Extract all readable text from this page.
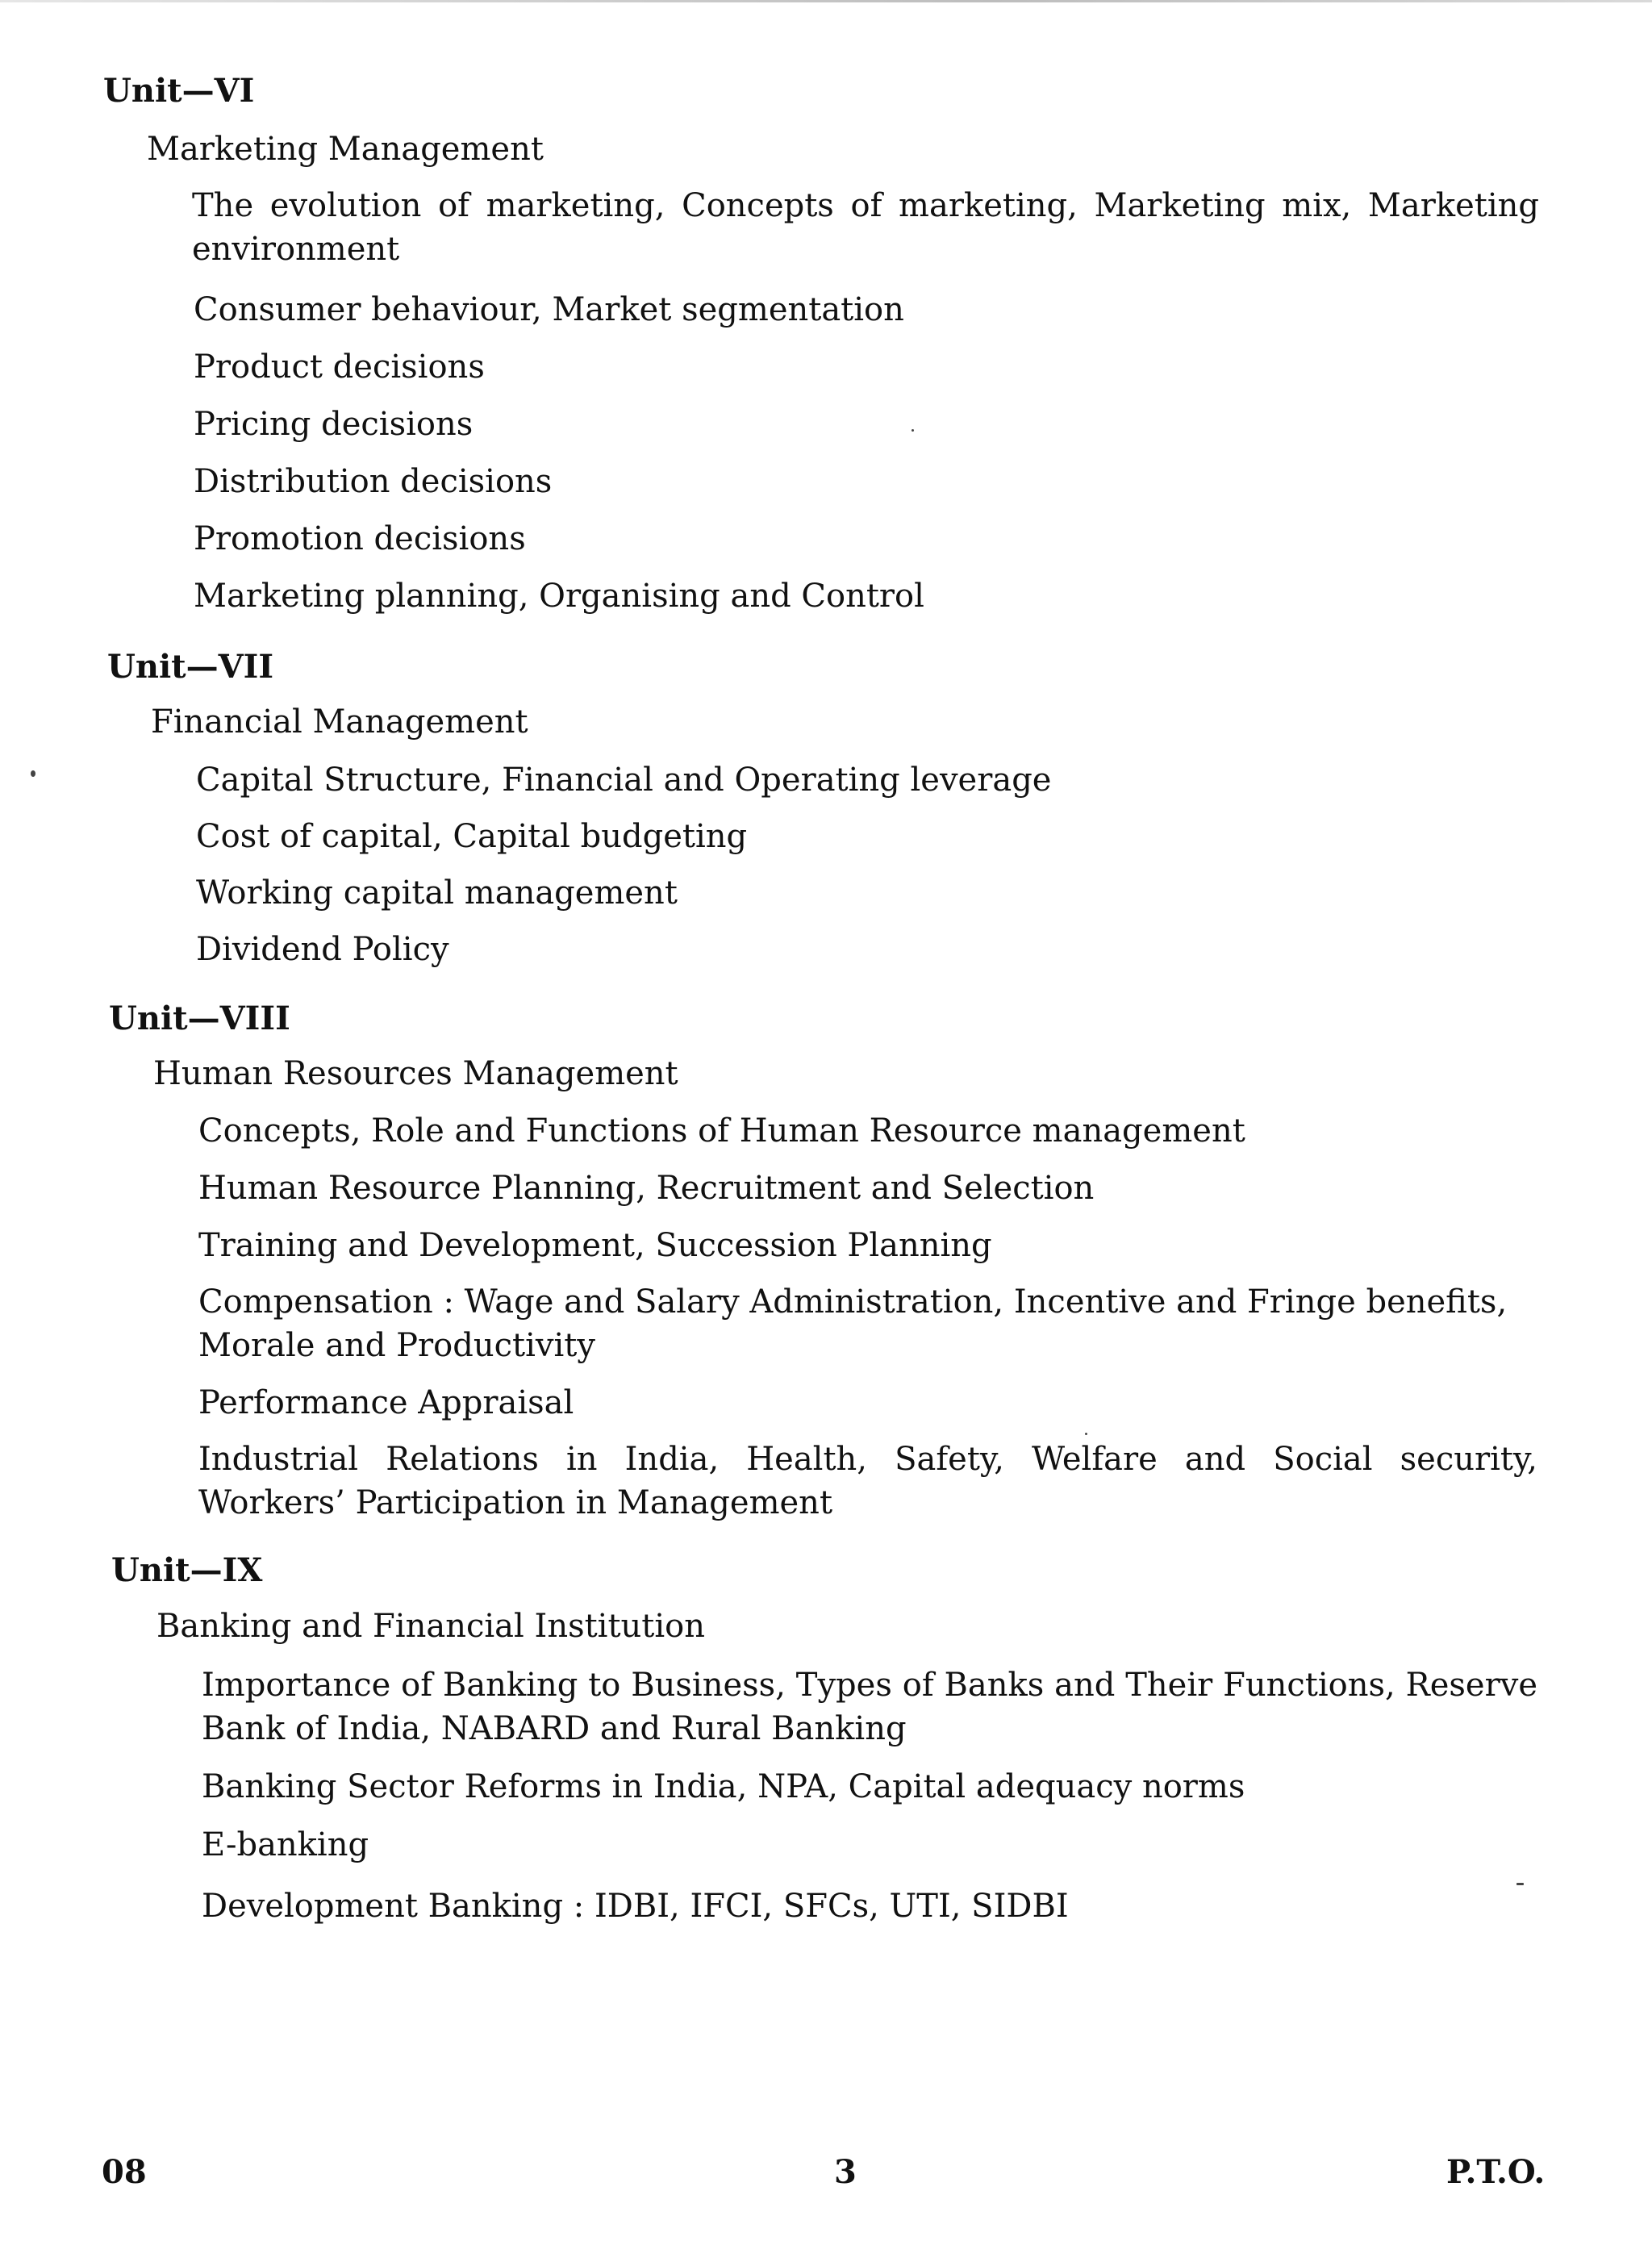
Unit—VI
Marketing Management
The evolution of marketing, Concepts of marketing, Marketing mix, Marketing environment
Consumer behaviour, Market segmentation
Product decisions
Pricing decisions
Distribution decisions
Promotion decisions
Marketing planning, Organising and Control
Unit—VII
Financial Management
Capital Structure, Financial and Operating leverage
Cost of capital, Capital budgeting
Working capital management
Dividend Policy
Unit—VIII
Human Resources Management
Concepts, Role and Functions of Human Resource management
Human Resource Planning, Recruitment and Selection
Training and Development, Succession Planning
Compensation : Wage and Salary Administration, Incentive and Fringe benefits, Morale and Productivity
Performance Appraisal
Industrial Relations in India, Health, Safety, Welfare and Social security, Workers’ Participation in Management
Unit—IX
Banking and Financial Institution
Importance of Banking to Business, Types of Banks and Their Functions, Reserve Bank of India, NABARD and Rural Banking
Banking Sector Reforms in India, NPA, Capital adequacy norms
E-banking
Development Banking : IDBI, IFCI, SFCs, UTI, SIDBI
08	3	P.T.O.
